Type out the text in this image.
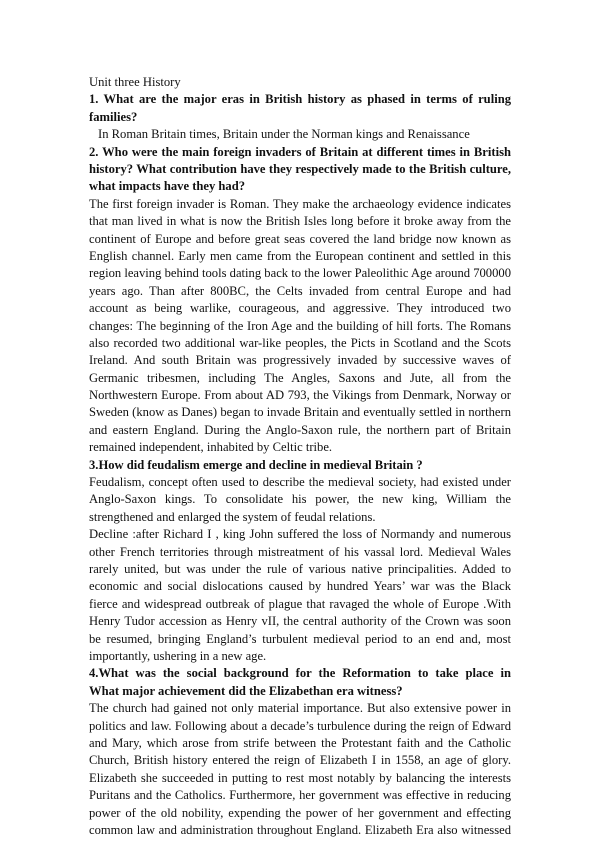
Unit three History
1. What are the major eras in British history as phased in terms of ruling
families?
In Roman Britain times, Britain under the Norman kings and Renaissance
2. Who were the main foreign invaders of Britain at different times in British
history? What contribution have they respectively made to the British culture,
what impacts have they had?
The first foreign invader is Roman. They make the archaeology evidence indicates
that man lived in what is now the British Isles long before it broke away from the
continent of Europe and before great seas covered the land bridge now known as
English channel. Early men came from the European continent and settled in this
region leaving behind tools dating back to the lower Paleolithic Age around 700000
years ago. Than after 800BC, the Celts invaded from central Europe and had
account as being warlike, courageous, and aggressive. They introduced two
changes: The beginning of the Iron Age and the building of hill forts. The Romans
also recorded two additional war-like peoples, the Picts in Scotland and the Scots
Ireland. And south Britain was progressively invaded by successive waves of
Germanic tribesmen, including The Angles, Saxons and Jute, all from the
Northwestern Europe. From about AD 793, the Vikings from Denmark, Norway or
Sweden (know as Danes) began to invade Britain and eventually settled in northern
and eastern England. During the Anglo-Saxon rule, the northern part of Britain
remained independent, inhabited by Celtic tribe.
3.How did feudalism emerge and decline in medieval Britain ?
Feudalism, concept often used to describe the medieval society, had existed under
Anglo-Saxon kings. To consolidate his power, the new king, William the
strengthened and enlarged the system of feudal relations.
Decline :after Richard I , king John suffered the loss of Normandy and numerous
other French territories through mistreatment of his vassal lord. Medieval Wales
rarely united, but was under the rule of various native principalities. Added to
economic and social dislocations caused by hundred Years’ war was the Black
fierce and widespread outbreak of plague that ravaged the whole of Europe .With
Henry Tudor accession as Henry vII, the central authority of the Crown was soon
be resumed, bringing England’s turbulent medieval period to an end and, most
importantly, ushering in a new age.
4.What was the social background for the Reformation to take place in
What major achievement did the Elizabethan era witness?
The church had gained not only material importance. But also extensive power in
politics and law. Following about a decade’s turbulence during the reign of Edward
and Mary, which arose from strife between the Protestant faith and the Catholic
Church, British history entered the reign of Elizabeth I in 1558, an age of glory.
Elizabeth she succeeded in putting to rest most notably by balancing the interests
Puritans and the Catholics. Furthermore, her government was effective in reducing
power of the old nobility, expending the power of her government and effecting
common law and administration throughout England. Elizabeth Era also witnessed
